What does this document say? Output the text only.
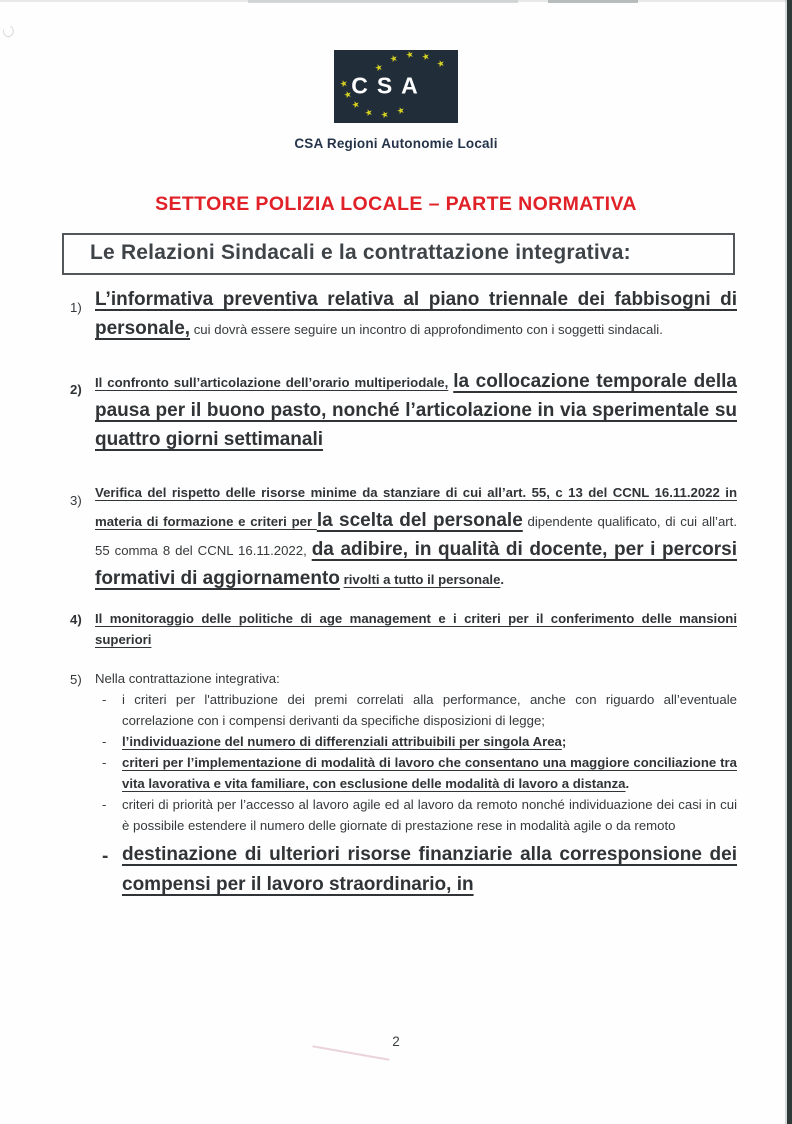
CSA
★
★ ★ ★
★
★
★
★
★ ★ ★
CSA Regioni Autonomie Locali
SETTORE POLIZIA LOCALE – PARTE NORMATIVA
Le Relazioni Sindacali e la contrattazione integrativa:
1) L’informativa preventiva relativa al piano triennale dei fabbisogni di personale, cui dovrà essere seguire un incontro di approfondimento con i soggetti sindacali.
2) Il confronto sull’articolazione dell’orario multiperiodale, la collocazione temporale della pausa per il buono pasto, nonché l’articolazione in via sperimentale su quattro giorni settimanali
3)
Verifica del rispetto delle risorse minime da stanziare di cui all’art. 55, c 13 del CCNL 16.11.2022 in materia di formazione e criteri per la scelta del personale dipendente qualificato, di cui all’art. 55 comma 8 del CCNL 16.11.2022, da adibire, in qualità di docente, per i percorsi formativi di aggiornamento rivolti a tutto il personale.
4) Il monitoraggio delle politiche di age management e i criteri per il conferimento delle mansioni superiori
5) Nella contrattazione integrativa:
- i criteri per l'attribuzione dei premi correlati alla performance, anche con riguardo all’eventuale correlazione con i compensi derivanti da specifiche disposizioni di legge;
- l’individuazione del numero di differenziali attribuibili per singola Area;
- criteri per l’implementazione di modalità di lavoro che consentano una maggiore conciliazione tra vita lavorativa e vita familiare, con esclusione delle modalità di lavoro a distanza.
- criteri di priorità per l’accesso al lavoro agile ed al lavoro da remoto nonché individuazione dei casi in cui è possibile estendere il numero delle giornate di prestazione rese in modalità agile o da remoto
- destinazione di ulteriori risorse finanziarie alla corresponsione dei compensi per il lavoro straordinario, in
2
